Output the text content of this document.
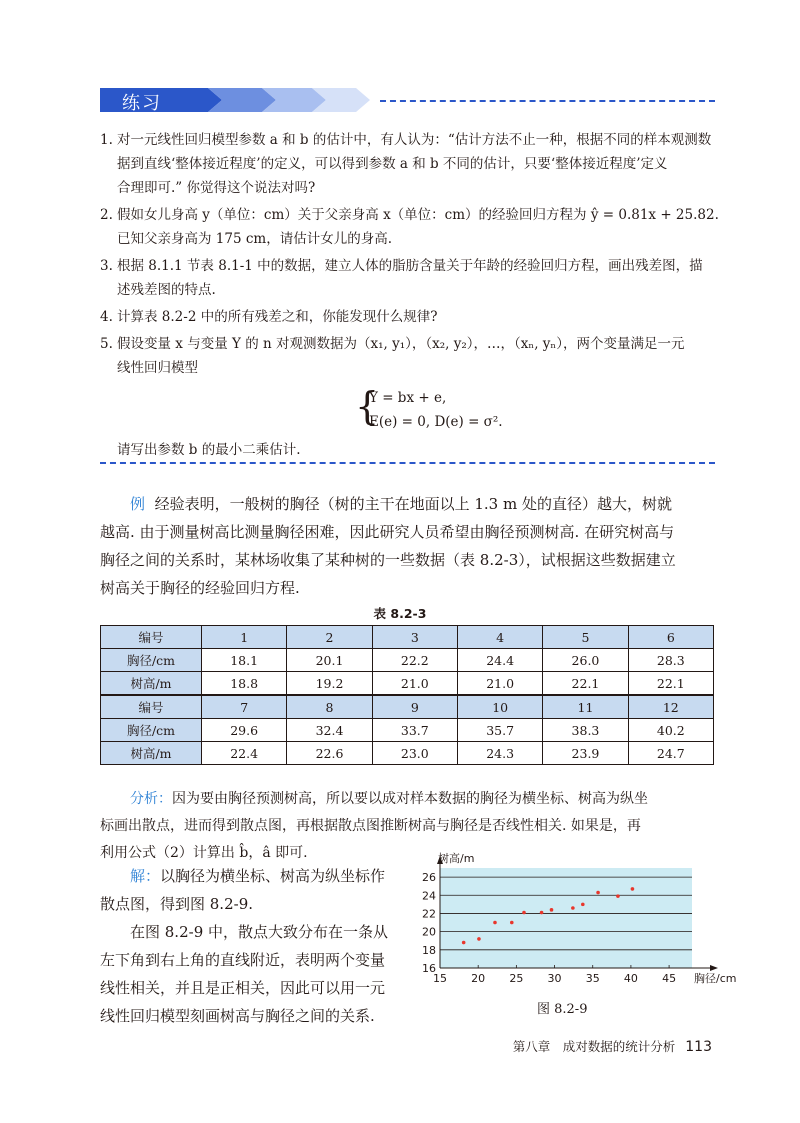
练习
1. 对一元线性回归模型参数 a 和 b 的估计中，有人认为：“估计方法不止一种，根据不同的样本观测数
据到直线‘整体接近程度’的定义，可以得到参数 a 和 b 不同的估计，只要‘整体接近程度’定义
合理即可.” 你觉得这个说法对吗?
2. 假如女儿身高 y（单位：cm）关于父亲身高 x（单位：cm）的经验回归方程为 ŷ = 0.81x + 25.82.
已知父亲身高为 175 cm，请估计女儿的身高.
3. 根据 8.1.1 节表 8.1-1 中的数据，建立人体的脂肪含量关于年龄的经验回归方程，画出残差图，描
述残差图的特点.
4. 计算表 8.2-2 中的所有残差之和，你能发现什么规律?
5. 假设变量 x 与变量 Y 的 n 对观测数据为（x₁, y₁），（x₂, y₂），…，（xₙ, yₙ），两个变量满足一元
线性回归模型
{
Y = bx + e,
E(e) = 0, D(e) = σ².
请写出参数 b 的最小二乘估计.

例 经验表明，一般树的胸径（树的主干在地面以上 1.3 m 处的直径）越大，树就

越高. 由于测量树高比测量胸径困难，因此研究人员希望由胸径预测树高. 在研究树高与

胸径之间的关系时，某林场收集了某种树的一些数据（表 8.2-3），试根据这些数据建立

树高关于胸径的经验回归方程.

表 8.2-3
编号	1	2	3	4	5	6
胸径/cm	18.1	20.1	22.2	24.4	26.0	28.3
树高/m	18.8	19.2	21.0	21.0	22.1	22.1
编号	7	8	9	10	11	12
胸径/cm	29.6	32.4	33.7	35.7	38.3	40.2
树高/m	22.4	22.6	23.0	24.3	23.9	24.7

分析：因为要由胸径预测树高，所以要以成对样本数据的胸径为横坐标、树高为纵坐

标画出散点，进而得到散点图，再根据散点图推断树高与胸径是否线性相关. 如果是，再

利用公式（2）计算出 b̂，â 即可.

解：以胸径为横坐标、树高为纵坐标作

散点图，得到图 8.2-9.

在图 8.2-9 中，散点大致分布在一条从

左下角到右上角的直线附近，表明两个变量

线性相关，并且是正相关，因此可以用一元

线性回归模型刻画树高与胸径之间的关系.

16
18
20
22
24
26
15 20 25 30 35 40 45 胸径/cm
树高/m
图 8.2-9
第八章　成对数据的统计分析 113
